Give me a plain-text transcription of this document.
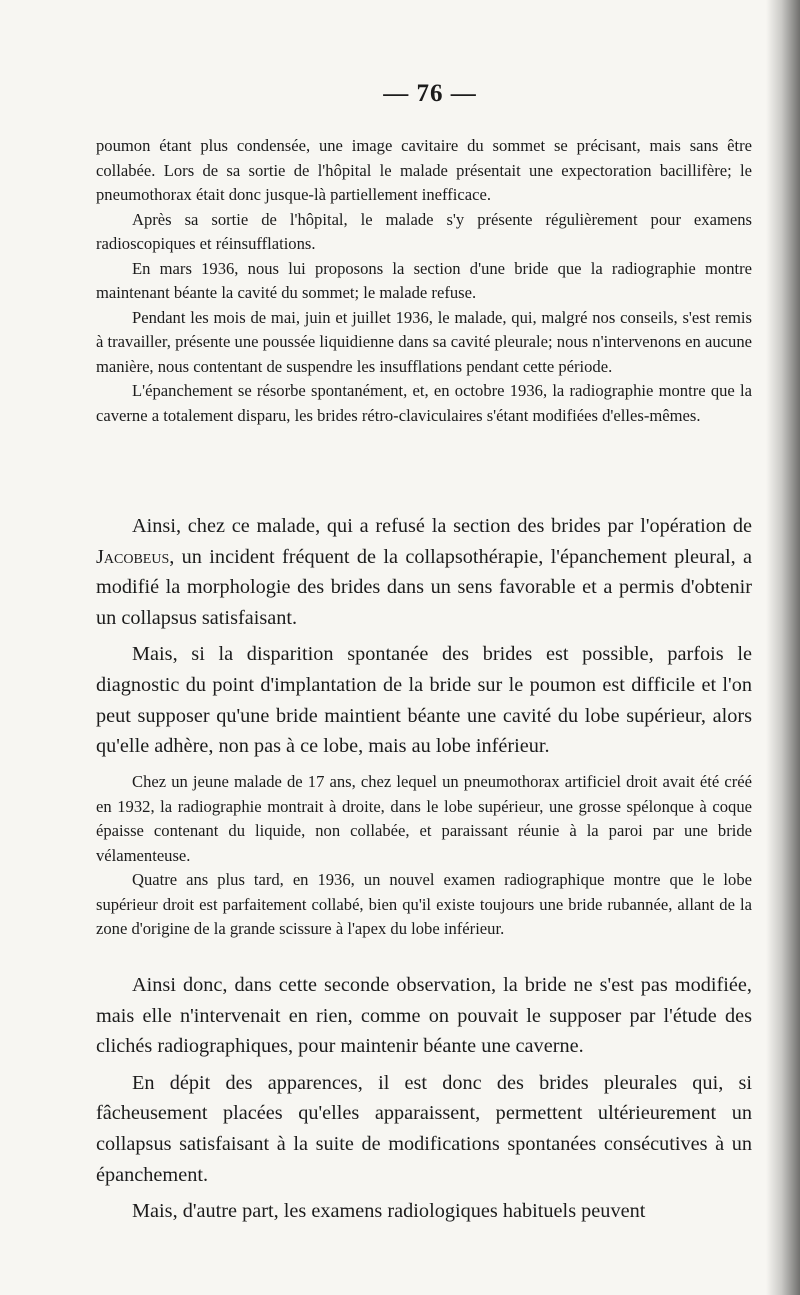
— 76 —

poumon étant plus condensée, une image cavitaire du sommet se précisant, mais sans être collabée. Lors de sa sortie de l'hôpital le malade présentait une expectoration bacillifère; le pneumothorax était donc jusque-là partiellement inefficace.

Après sa sortie de l'hôpital, le malade s'y présente régulièrement pour examens radioscopiques et réinsufflations.

En mars 1936, nous lui proposons la section d'une bride que la radiographie montre maintenant béante la cavité du sommet; le malade refuse.

Pendant les mois de mai, juin et juillet 1936, le malade, qui, malgré nos conseils, s'est remis à travailler, présente une poussée liquidienne dans sa cavité pleurale; nous n'intervenons en aucune manière, nous contentant de suspendre les insufflations pendant cette période.

L'épanchement se résorbe spontanément, et, en octobre 1936, la radiographie montre que la caverne a totalement disparu, les brides rétro-claviculaires s'étant modifiées d'elles-mêmes.

Ainsi, chez ce malade, qui a refusé la section des brides par l'opération de Jacobeus, un incident fréquent de la collapsothérapie, l'épanchement pleural, a modifié la morphologie des brides dans un sens favorable et a permis d'obtenir un collapsus satisfaisant.

Mais, si la disparition spontanée des brides est possible, parfois le diagnostic du point d'implantation de la bride sur le poumon est difficile et l'on peut supposer qu'une bride maintient béante une cavité du lobe supérieur, alors qu'elle adhère, non pas à ce lobe, mais au lobe inférieur.

Chez un jeune malade de 17 ans, chez lequel un pneumothorax artificiel droit avait été créé en 1932, la radiographie montrait à droite, dans le lobe supérieur, une grosse spélonque à coque épaisse contenant du liquide, non collabée, et paraissant réunie à la paroi par une bride vélamenteuse.

Quatre ans plus tard, en 1936, un nouvel examen radiographique montre que le lobe supérieur droit est parfaitement collabé, bien qu'il existe toujours une bride rubannée, allant de la zone d'origine de la grande scissure à l'apex du lobe inférieur.

Ainsi donc, dans cette seconde observation, la bride ne s'est pas modifiée, mais elle n'intervenait en rien, comme on pouvait le supposer par l'étude des clichés radiographiques, pour maintenir béante une caverne.

En dépit des apparences, il est donc des brides pleurales qui, si fâcheusement placées qu'elles apparaissent, permettent ultérieurement un collapsus satisfaisant à la suite de modifications spontanées consécutives à un épanchement.

Mais, d'autre part, les examens radiologiques habituels peuvent
